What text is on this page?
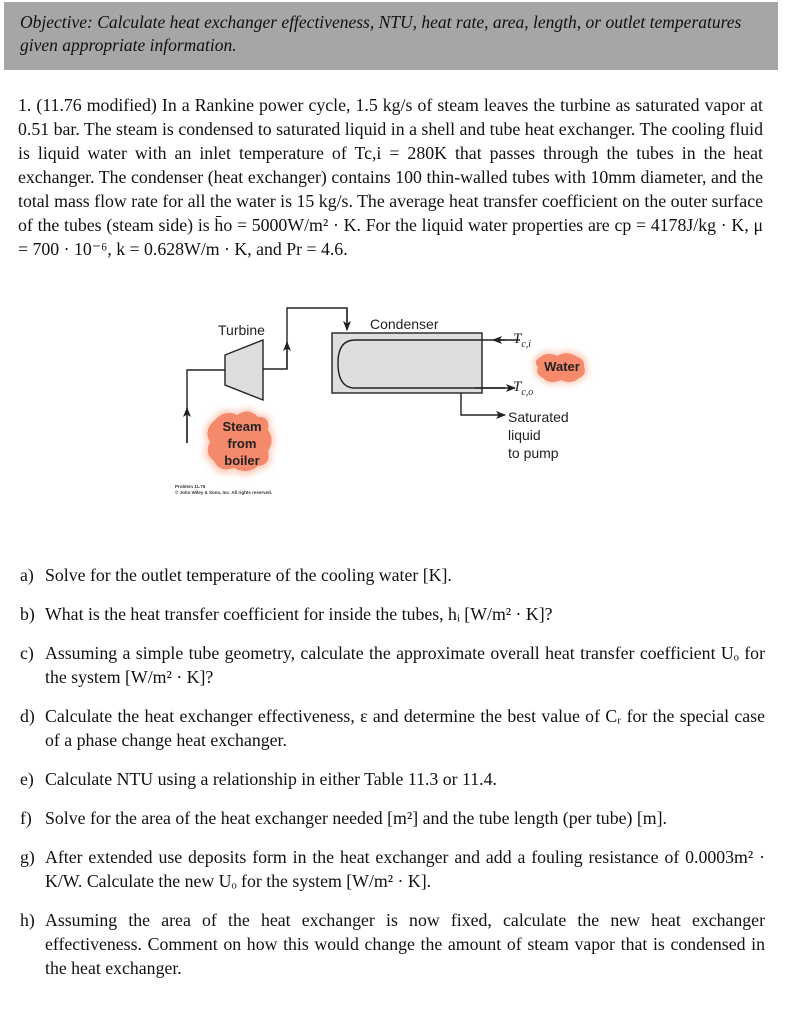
Objective: Calculate heat exchanger effectiveness, NTU, heat rate, area, length, or outlet temperatures given appropriate information.

1. (11.76 modified) In a Rankine power cycle, 1.5 kg/s of steam leaves the turbine as saturated vapor at 0.51 bar. The steam is condensed to saturated liquid in a shell and tube heat exchanger. The cooling fluid is liquid water with an inlet temperature of Tc,i = 280K that passes through the tubes in the heat exchanger. The condenser (heat exchanger) contains 100 thin-walled tubes with 10mm diameter, and the total mass flow rate for all the water is 15 kg/s. The average heat transfer coefficient on the outer surface of the tubes (steam side) is h̄o = 5000W/m² · K. For the liquid water properties are cp = 4178J/kg · K, μ = 700 · 10⁻⁶, k = 0.628W/m · K, and Pr = 4.6.

Turbine	Condenser
Steam
from
boiler
Water
$T_{c,i}$
$T_{c,o}$
Saturated
liquid
to pump
Problem 11.76
© John Wiley & Sons, Inc. All rights reserved.
a) Solve for the outlet temperature of the cooling water [K].
b) What is the heat transfer coefficient for inside the tubes, hᵢ [W/m² · K]?
c) Assuming a simple tube geometry, calculate the approximate overall heat transfer coefficient Uₒ for the system [W/m² · K]?
d) Calculate the heat exchanger effectiveness, ε and determine the best value of Cᵣ for the special case of a phase change heat exchanger.
e) Calculate NTU using a relationship in either Table 11.3 or 11.4.
f) Solve for the area of the heat exchanger needed [m²] and the tube length (per tube) [m].
g) After extended use deposits form in the heat exchanger and add a fouling resistance of 0.0003m² · K/W. Calculate the new Uₒ for the system [W/m² · K].
h) Assuming the area of the heat exchanger is now fixed, calculate the new heat exchanger effectiveness. Comment on how this would change the amount of steam vapor that is condensed in the heat exchanger.
